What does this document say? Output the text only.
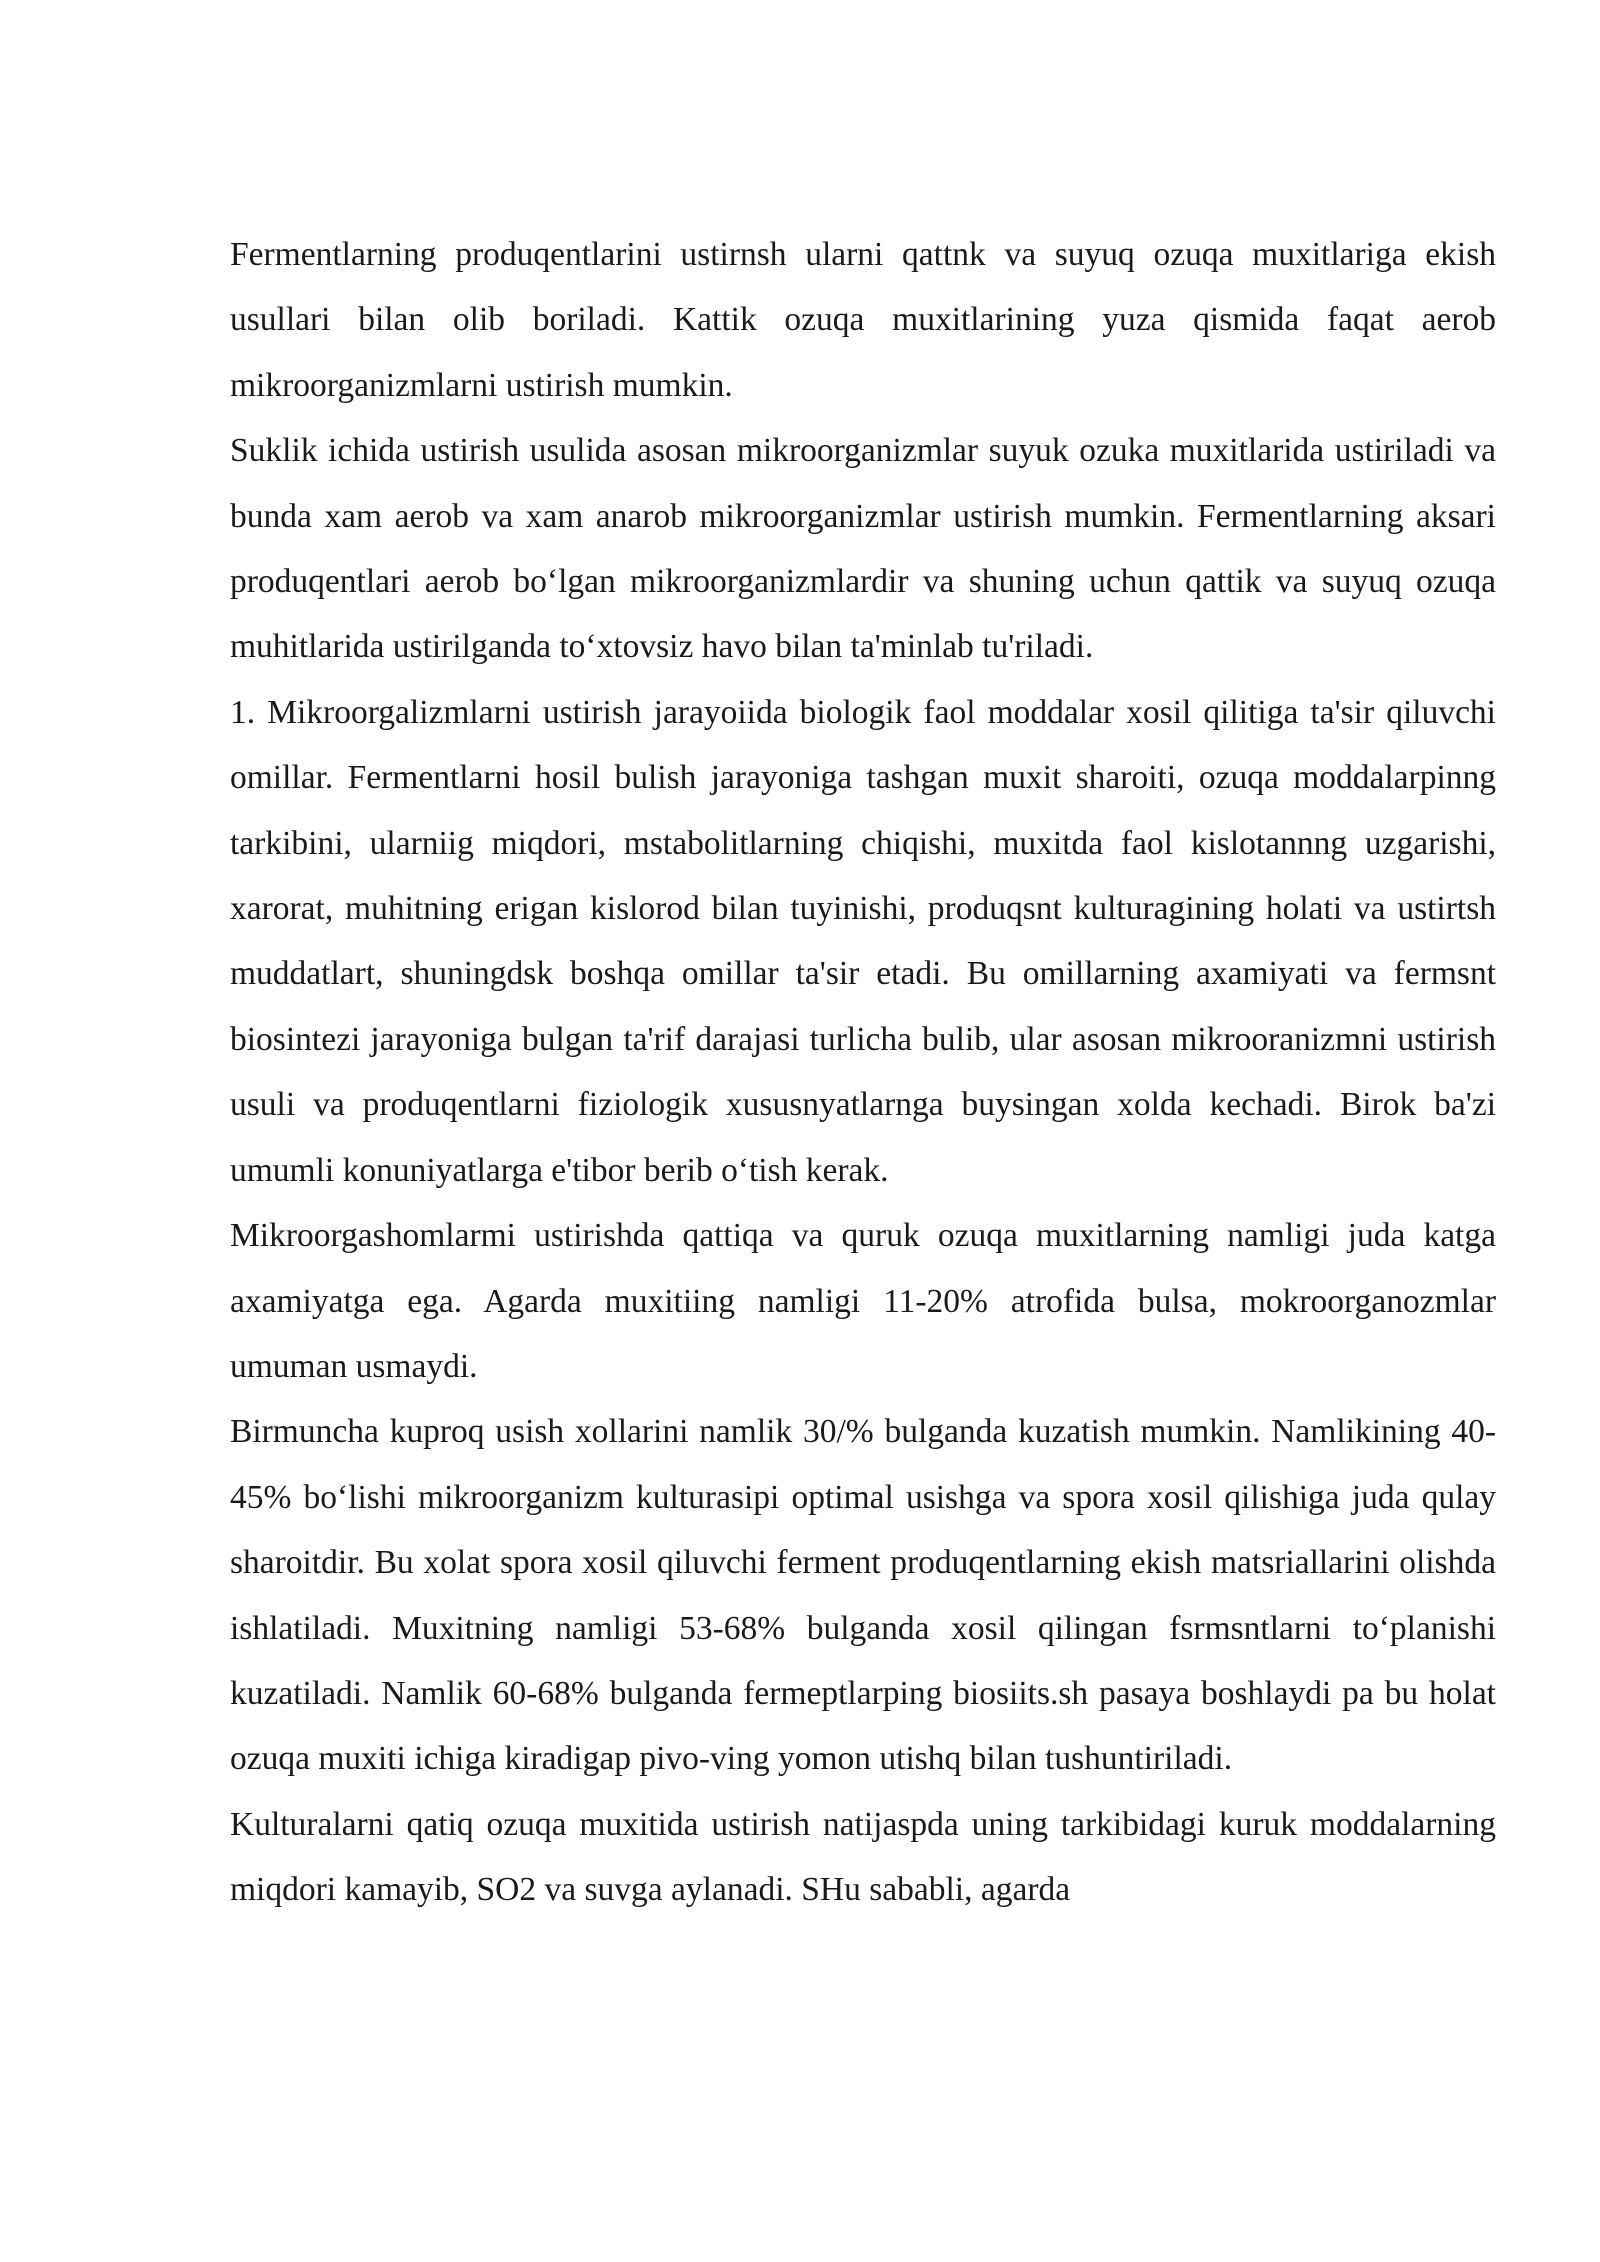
Fermentlarning produqentlarini ustirnsh ularni qattnk va suyuq ozuqa muxitlariga ekish usullari bilan olib boriladi. Kattik ozuqa muxitlarining yuza qismida faqat aerob mikroorganizmlarni ustirish mumkin.

Suklik ichida ustirish usulida asosan mikroorganizmlar suyuk ozuka muxitlarida ustiriladi va bunda xam aerob va xam anarob mikroorganizmlar ustirish mumkin. Fermentlarning aksari produqentlari aerob bo‘lgan mikroorganizmlardir va shuning uchun qattik va suyuq ozuqa muhitlarida ustirilganda to‘xtovsiz havo bilan ta'minlab tu'riladi.

1. Mikroorgalizmlarni ustirish jarayoiida biologik faol moddalar xosil qilitiga ta'sir qiluvchi omillar. Fermentlarni hosil bulish jarayoniga tashgan muxit sharoiti, ozuqa moddalarpinng tarkibini, ularniig miqdori, mstabolitlarning chiqishi, muxitda faol kislotannng uzgarishi, xarorat, muhitning erigan kislorod bilan tuyinishi, produqsnt kulturagining holati va ustirtsh muddatlart, shuningdsk boshqa omillar ta'sir etadi. Bu omillarning axamiyati va fermsnt biosintezi jarayoniga bulgan ta'rif darajasi turlicha bulib, ular asosan mikrooranizmni ustirish usuli va produqentlarni fiziologik xususnyatlarnga buysingan xolda kechadi. Birok ba'zi umumli konuniyatlarga e'tibor berib o‘tish kerak.

Mikroorgashomlarmi ustirishda qattiqa va quruk ozuqa muxitlarning namligi juda katga axamiyatga ega. Agarda muxitiing namligi 11-20% atrofida bulsa, mokroorganozmlar umuman usmaydi.

Birmuncha kuproq usish xollarini namlik 30/% bulganda kuzatish mumkin. Namlikining 40-45% bo‘lishi mikroorganizm kulturasipi optimal usishga va spora xosil qilishiga juda qulay sharoitdir. Bu xolat spora xosil qiluvchi ferment produqentlarning ekish matsriallarini olishda ishlatiladi. Muxitning namligi 53-68% bulganda xosil qilingan fsrmsntlarni to‘planishi kuzatiladi. Namlik 60-68% bulganda fermeptlarping biosiits.sh pasaya boshlaydi pa bu holat ozuqa muxiti ichiga kiradigap pivo-ving yomon utishq bilan tushuntiriladi.

Kulturalarni qatiq ozuqa muxitida ustirish natijaspda uning tarkibidagi kuruk moddalarning miqdori kamayib, SO2 va suvga aylanadi. SHu sababli, agarda
